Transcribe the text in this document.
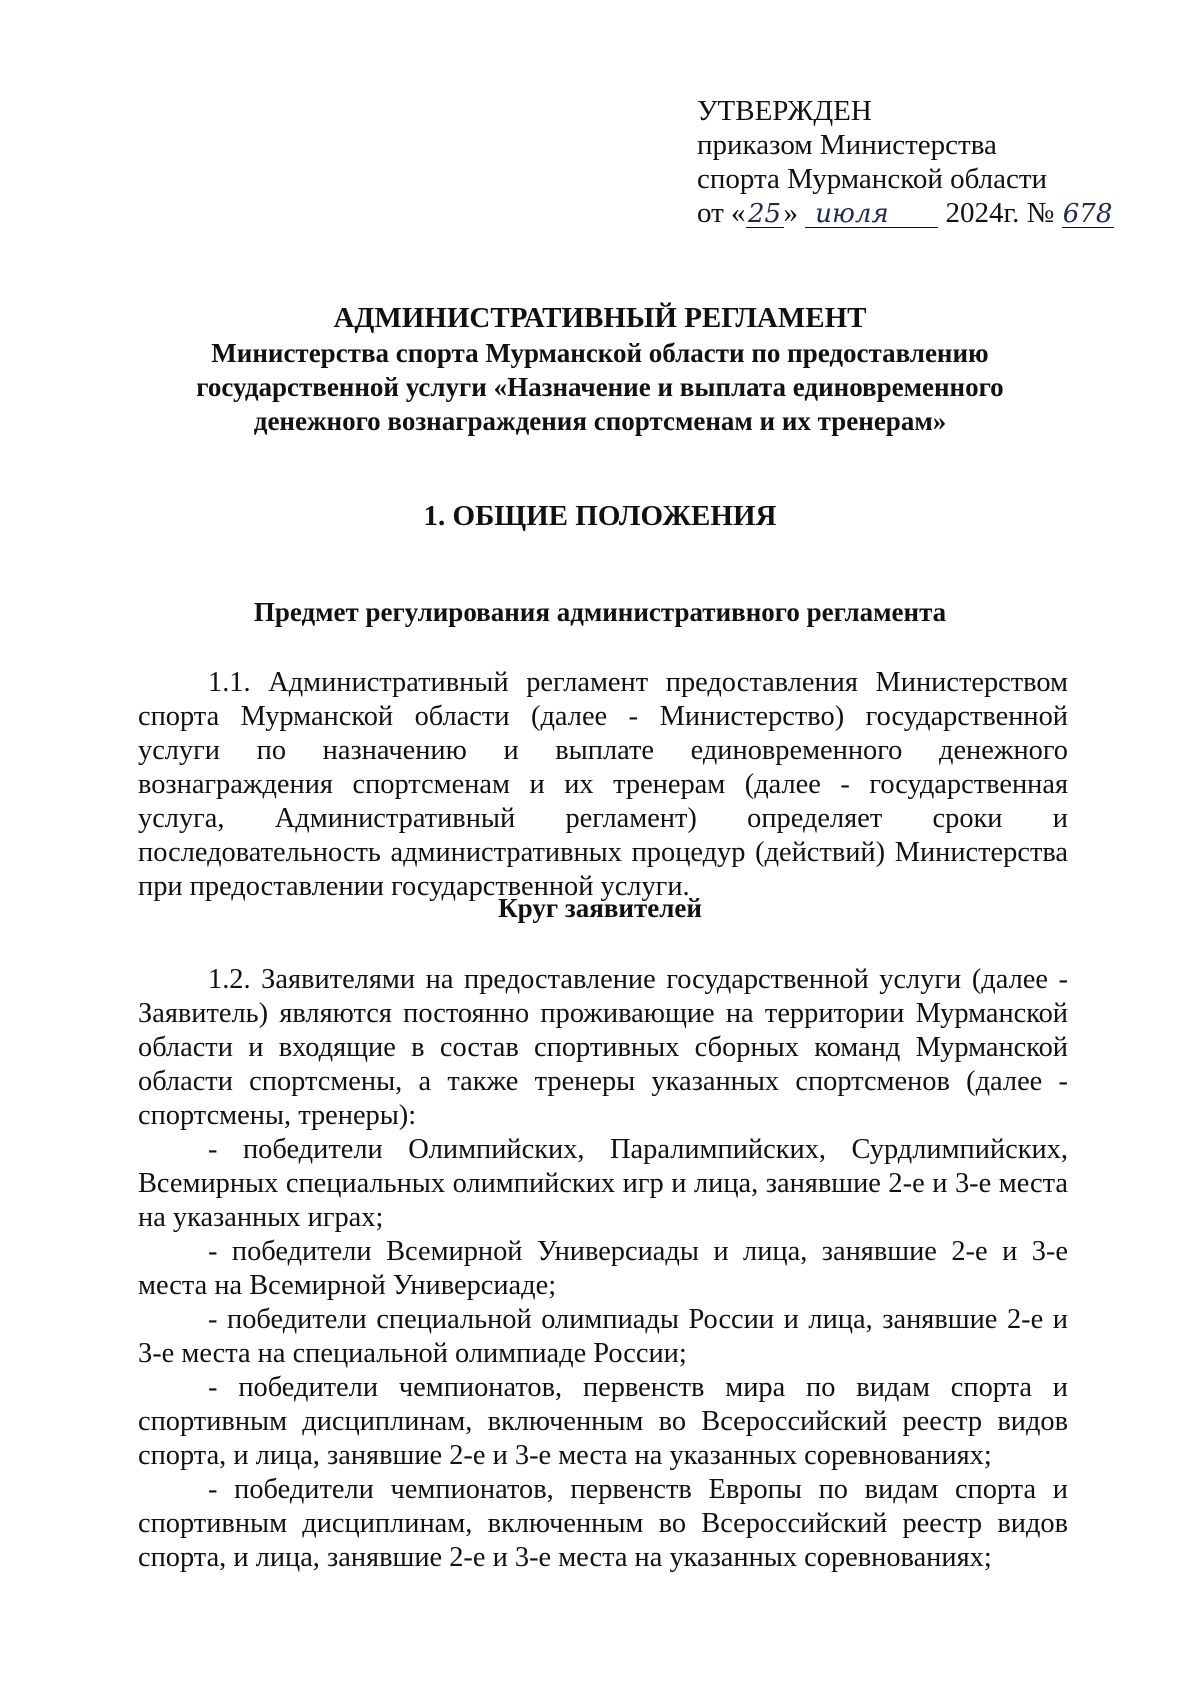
УТВЕРЖДЕН
приказом Министерства
спорта Мурманской области
от «25» июля 2024г. № 678
АДМИНИСТРАТИВНЫЙ РЕГЛАМЕНТ
Министерства спорта Мурманской области по предоставлению
государственной услуги «Назначение и выплата единовременного
денежного вознаграждения спортсменам и их тренерам»
1. ОБЩИЕ ПОЛОЖЕНИЯ
Предмет регулирования административного регламента

1.1. Административный регламент предоставления Министерством спорта Мурманской области (далее - Министерство) государственной услуги по назначению и выплате единовременного денежного вознаграждения спортсменам и их тренерам (далее - государственная услуга, Административный регламент) определяет сроки и последовательность административных процедур (действий) Министерства при предоставлении государственной услуги.

Круг заявителей

1.2. Заявителями на предоставление государственной услуги (далее - Заявитель) являются постоянно проживающие на территории Мурманской области и входящие в состав спортивных сборных команд Мурманской области спортсмены, а также тренеры указанных спортсменов (далее - спортсмены, тренеры):

- победители Олимпийских, Паралимпийских, Сурдлимпийских, Всемирных специальных олимпийских игр и лица, занявшие 2-е и 3-е места на указанных играх;

- победители Всемирной Универсиады и лица, занявшие 2-е и 3-е места на Всемирной Универсиаде;

- победители специальной олимпиады России и лица, занявшие 2-е и 3-е места на специальной олимпиаде России;

- победители чемпионатов, первенств мира по видам спорта и спортивным дисциплинам, включенным во Всероссийский реестр видов спорта, и лица, занявшие 2-е и 3-е места на указанных соревнованиях;

- победители чемпионатов, первенств Европы по видам спорта и спортивным дисциплинам, включенным во Всероссийский реестр видов спорта, и лица, занявшие 2-е и 3-е места на указанных соревнованиях;
